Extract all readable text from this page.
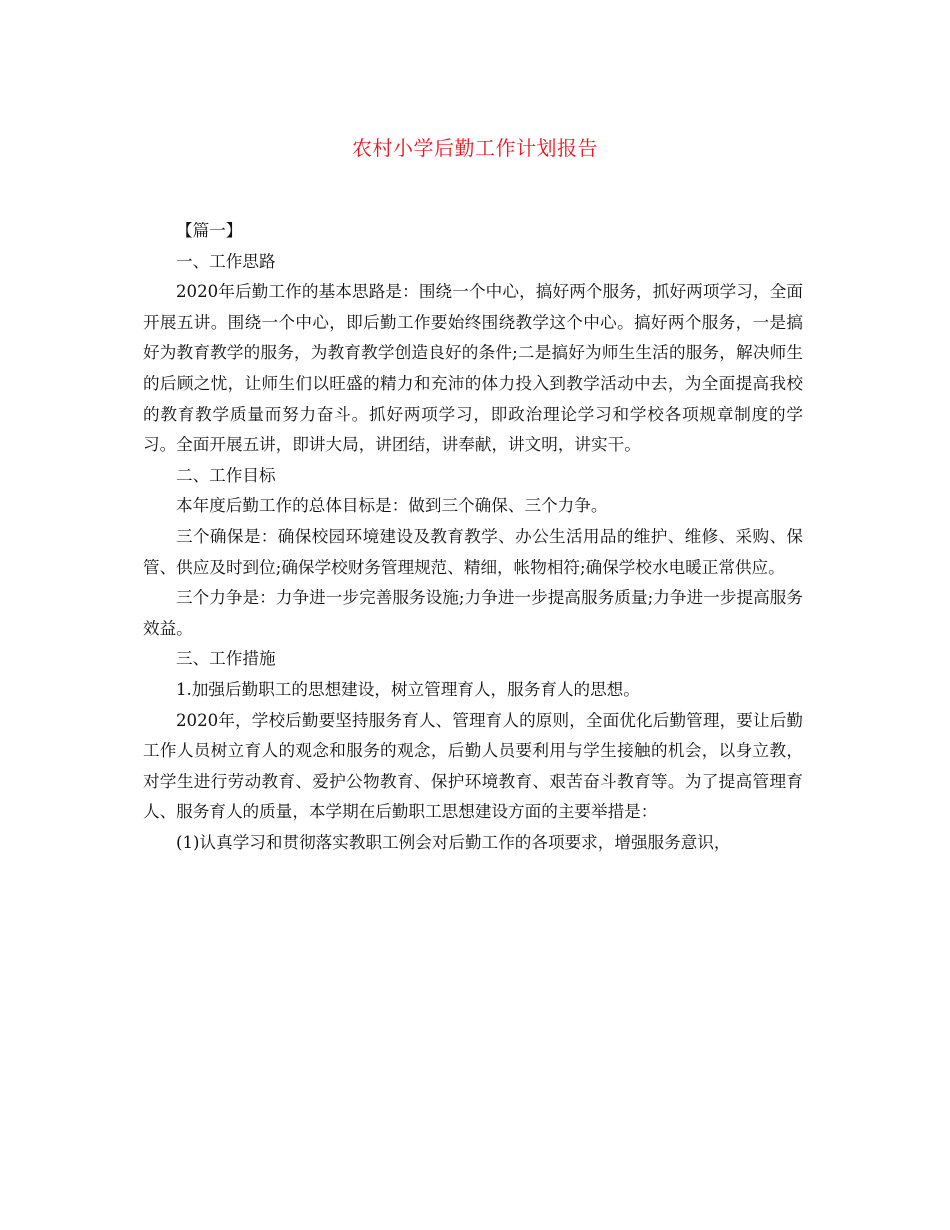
农村小学后勤工作计划报告

【篇一】

一、工作思路

2020年后勤工作的基本思路是：围绕一个中心，搞好两个服务，抓好两项学习，全面开展五讲。围绕一个中心，即后勤工作要始终围绕教学这个中心。搞好两个服务，一是搞好为教育教学的服务，为教育教学创造良好的条件;二是搞好为师生生活的服务，解决师生的后顾之忧，让师生们以旺盛的精力和充沛的体力投入到教学活动中去，为全面提高我校的教育教学质量而努力奋斗。抓好两项学习，即政治理论学习和学校各项规章制度的学习。全面开展五讲，即讲大局，讲团结，讲奉献，讲文明，讲实干。

二、工作目标

本年度后勤工作的总体目标是：做到三个确保、三个力争。

三个确保是：确保校园环境建设及教育教学、办公生活用品的维护、维修、采购、保管、供应及时到位;确保学校财务管理规范、精细，帐物相符;确保学校水电暖正常供应。

三个力争是：力争进一步完善服务设施;力争进一步提高服务质量;力争进一步提高服务效益。

三、工作措施

1.加强后勤职工的思想建设，树立管理育人，服务育人的思想。

2020年，学校后勤要坚持服务育人、管理育人的原则，全面优化后勤管理，要让后勤工作人员树立育人的观念和服务的观念，后勤人员要利用与学生接触的机会，以身立教，对学生进行劳动教育、爱护公物教育、保护环境教育、艰苦奋斗教育等。为了提高管理育人、服务育人的质量，本学期在后勤职工思想建设方面的主要举措是：

(1)认真学习和贯彻落实教职工例会对后勤工作的各项要求，增强服务意识，
